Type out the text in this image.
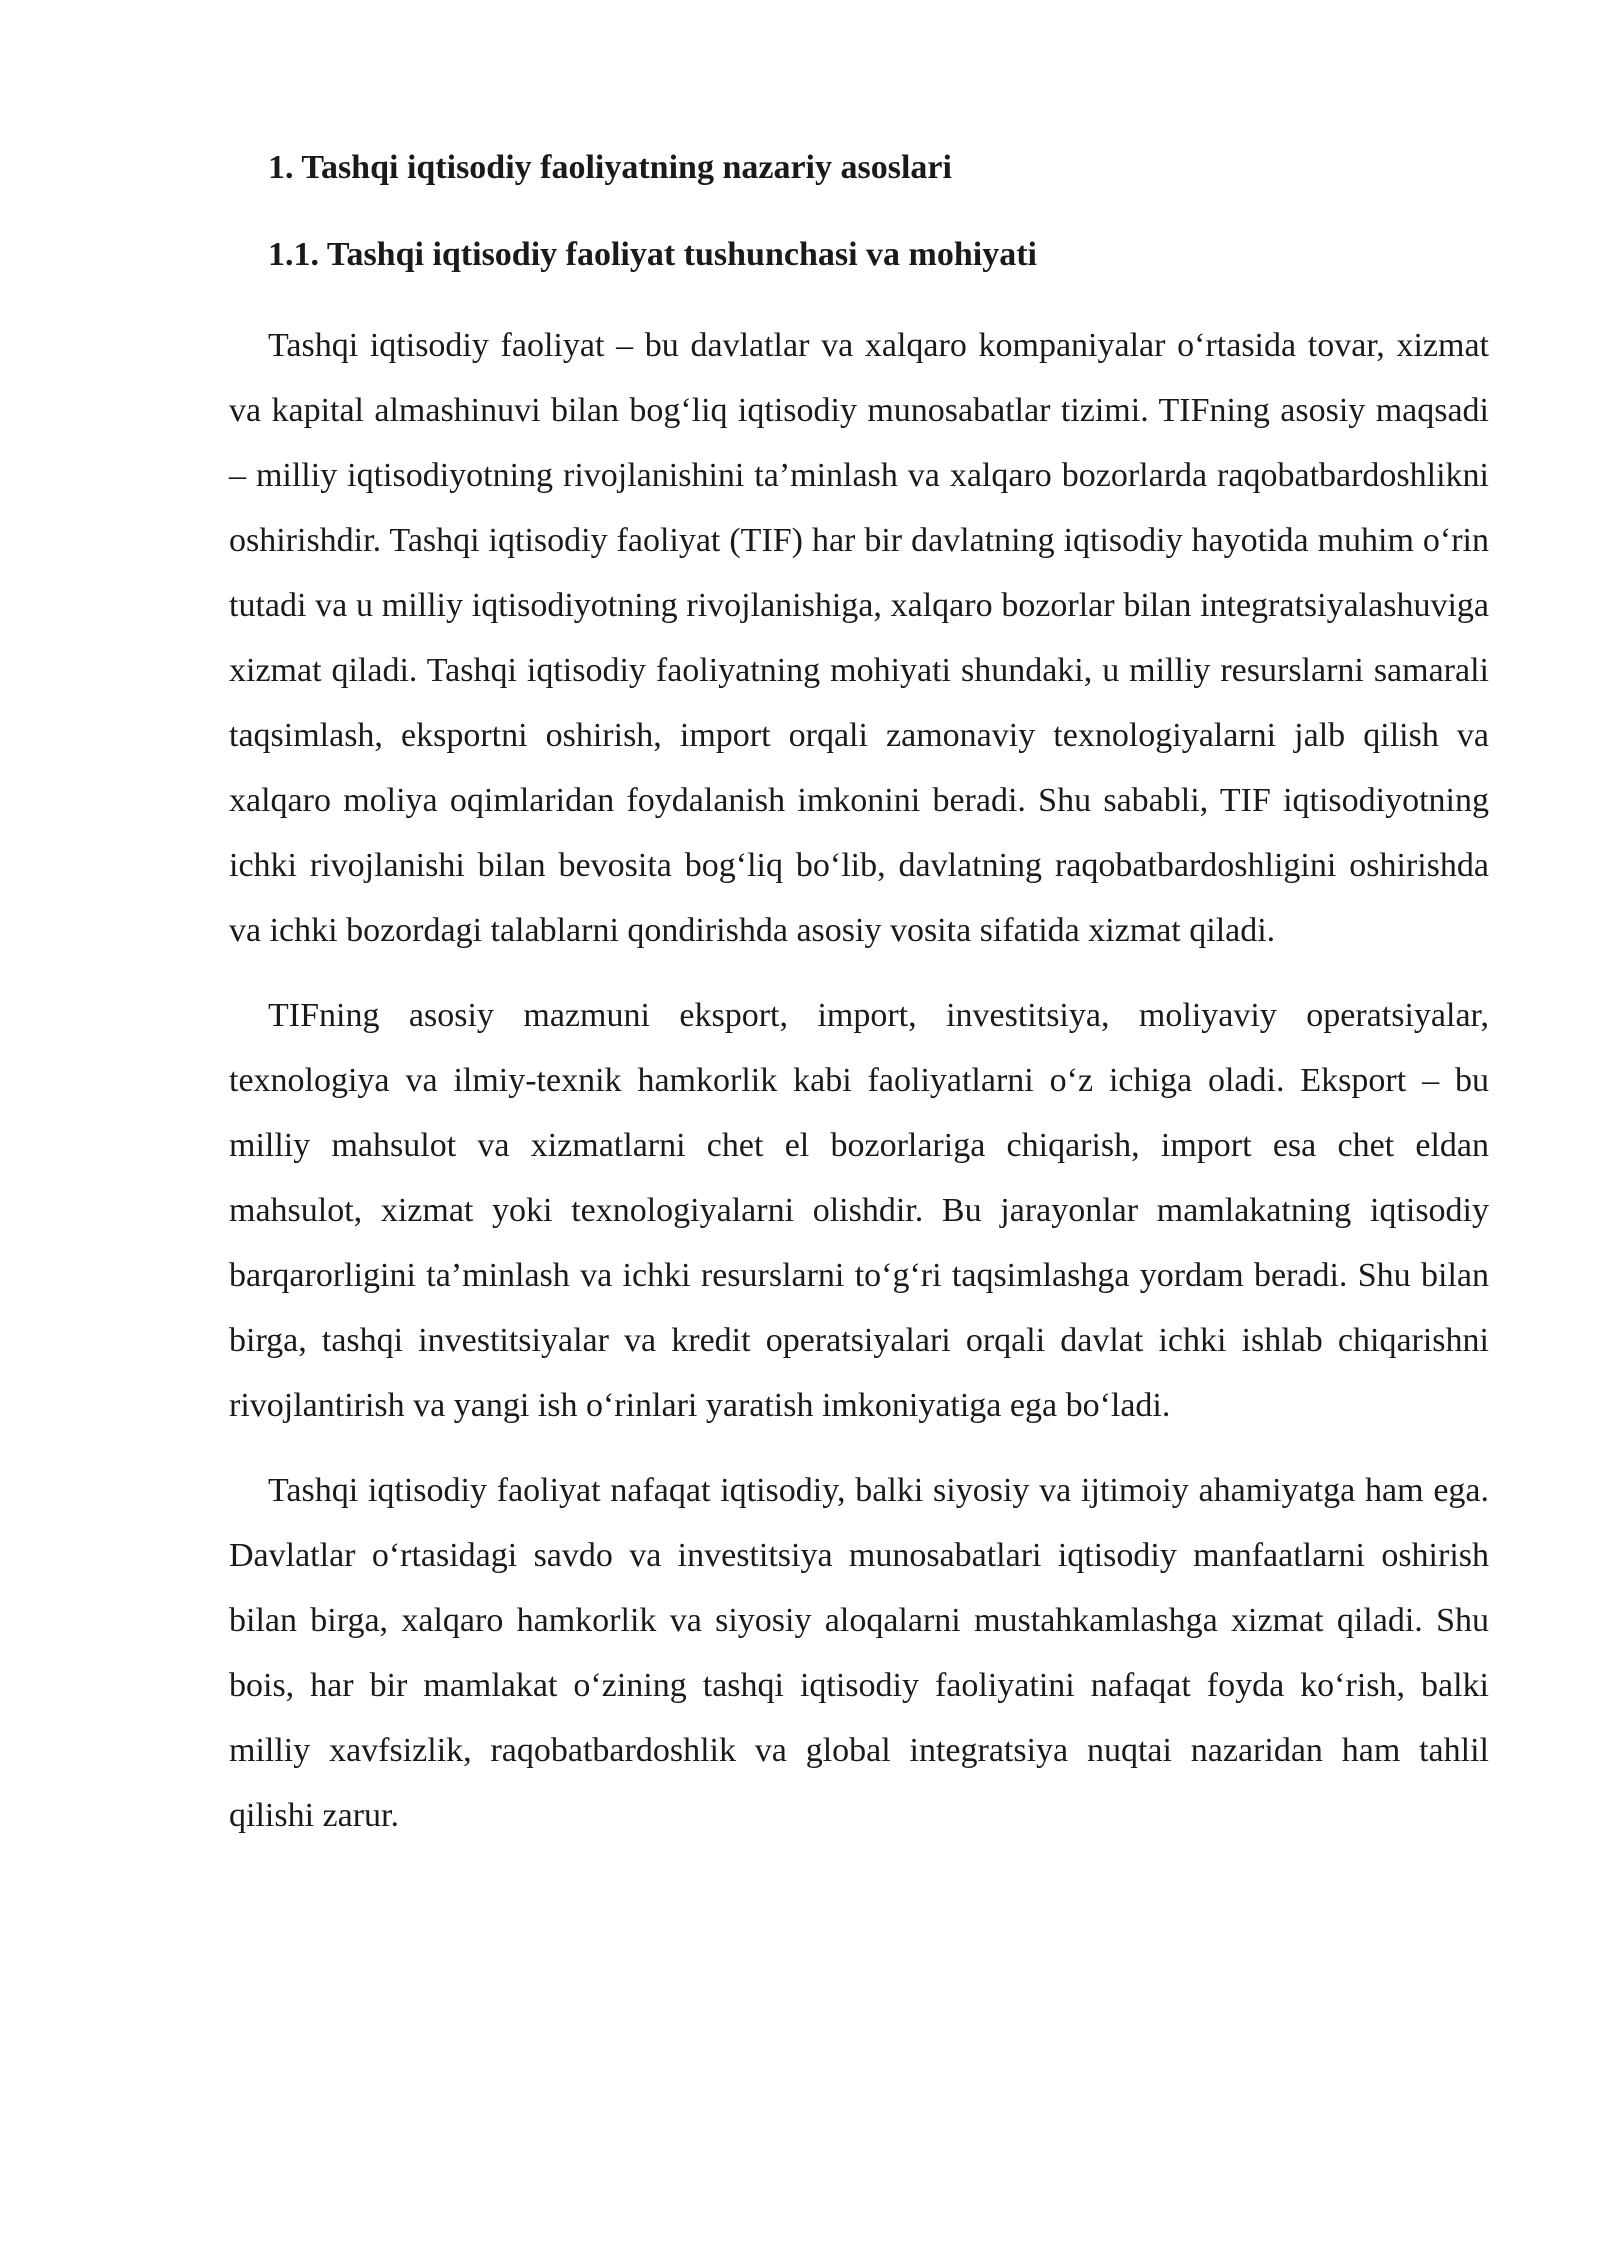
1. Tashqi iqtisodiy faoliyatning nazariy asoslari
1.1. Tashqi iqtisodiy faoliyat tushunchasi va mohiyati

Tashqi iqtisodiy faoliyat – bu davlatlar va xalqaro kompaniyalar o‘rtasida tovar, xizmat va kapital almashinuvi bilan bog‘liq iqtisodiy munosabatlar tizimi. TIFning asosiy maqsadi – milliy iqtisodiyotning rivojlanishini ta’minlash va xalqaro bozorlarda raqobatbardoshlikni oshirishdir. Tashqi iqtisodiy faoliyat (TIF) har bir davlatning iqtisodiy hayotida muhim o‘rin tutadi va u milliy iqtisodiyotning rivojlanishiga, xalqaro bozorlar bilan integratsiyalashuviga xizmat qiladi. Tashqi iqtisodiy faoliyatning mohiyati shundaki, u milliy resurslarni samarali taqsimlash, eksportni oshirish, import orqali zamonaviy texnologiyalarni jalb qilish va xalqaro moliya oqimlaridan foydalanish imkonini beradi. Shu sababli, TIF iqtisodiyotning ichki rivojlanishi bilan bevosita bog‘liq bo‘lib, davlatning raqobatbardoshligini oshirishda va ichki bozordagi talablarni qondirishda asosiy vosita sifatida xizmat qiladi.

TIFning asosiy mazmuni eksport, import, investitsiya, moliyaviy operatsiyalar, texnologiya va ilmiy-texnik hamkorlik kabi faoliyatlarni o‘z ichiga oladi. Eksport – bu milliy mahsulot va xizmatlarni chet el bozorlariga chiqarish, import esa chet eldan mahsulot, xizmat yoki texnologiyalarni olishdir. Bu jarayonlar mamlakatning iqtisodiy barqarorligini ta’minlash va ichki resurslarni to‘g‘ri taqsimlashga yordam beradi. Shu bilan birga, tashqi investitsiyalar va kredit operatsiyalari orqali davlat ichki ishlab chiqarishni rivojlantirish va yangi ish o‘rinlari yaratish imkoniyatiga ega bo‘ladi.

Tashqi iqtisodiy faoliyat nafaqat iqtisodiy, balki siyosiy va ijtimoiy ahamiyatga ham ega. Davlatlar o‘rtasidagi savdo va investitsiya munosabatlari iqtisodiy manfaatlarni oshirish bilan birga, xalqaro hamkorlik va siyosiy aloqalarni mustahkamlashga xizmat qiladi. Shu bois, har bir mamlakat o‘zining tashqi iqtisodiy faoliyatini nafaqat foyda ko‘rish, balki milliy xavfsizlik, raqobatbardoshlik va global integratsiya nuqtai nazaridan ham tahlil qilishi zarur.
